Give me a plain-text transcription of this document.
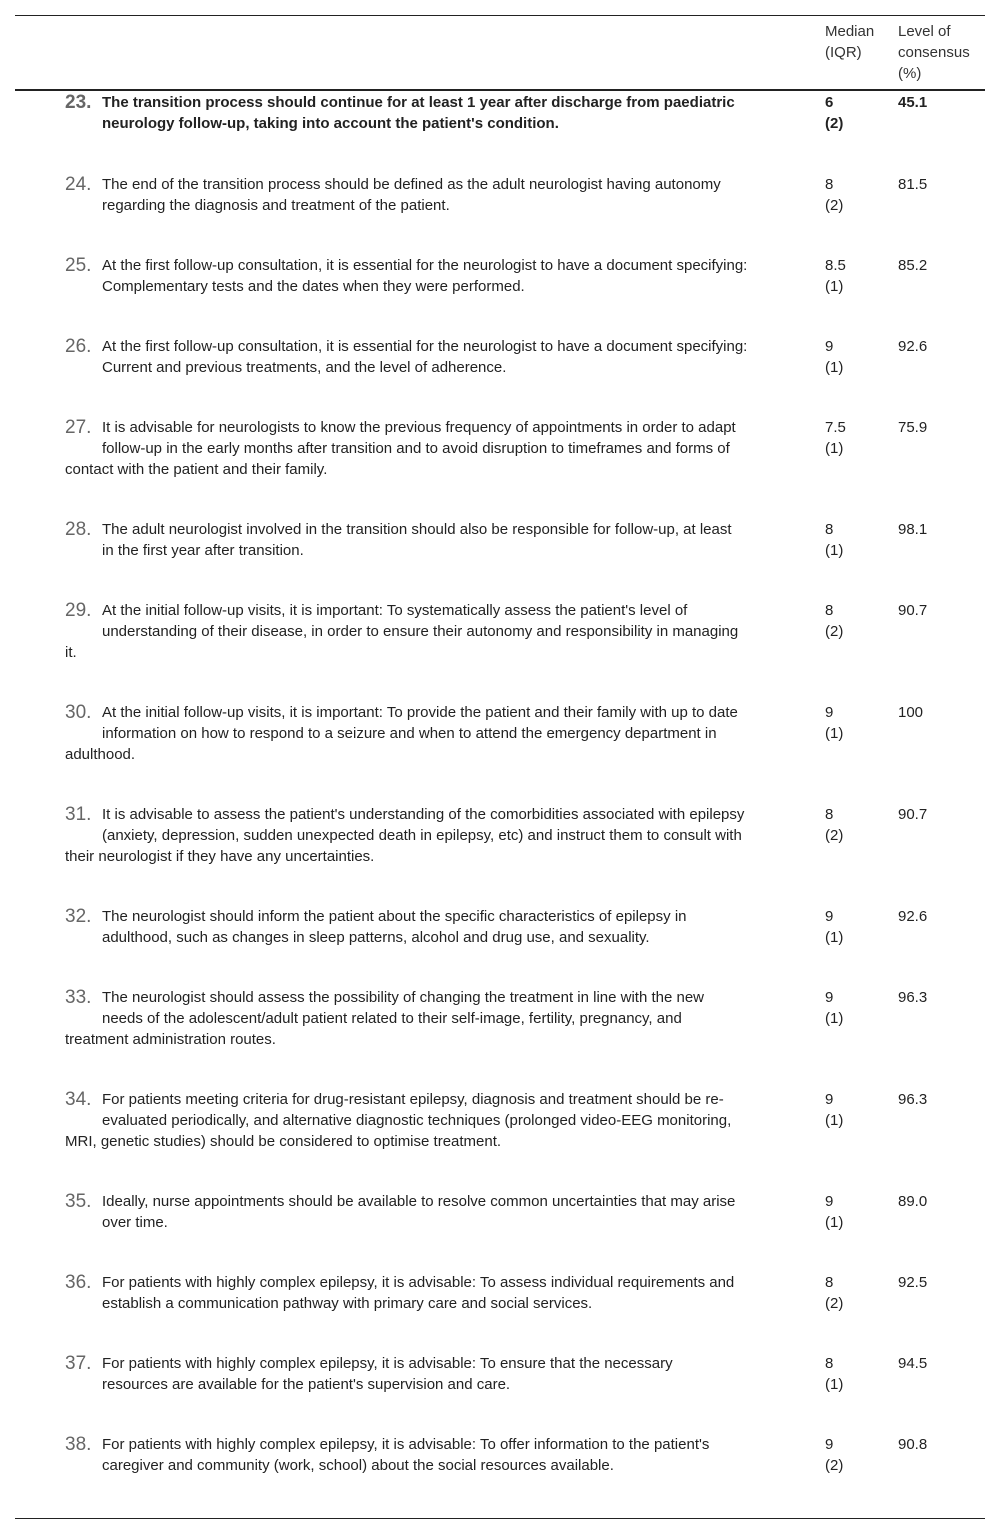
Median
(IQR)
Level of
consensus
(%)
23. The transition process should continue for at least 1 year after discharge from paediatric
neurology follow-up, taking into account the patient's condition.

6
(2)
45.1
24. The end of the transition process should be defined as the adult neurologist having autonomy
regarding the diagnosis and treatment of the patient.

8
(2)
81.5
25. At the first follow-up consultation, it is essential for the neurologist to have a document specifying:
Complementary tests and the dates when they were performed.

8.5
(1)
85.2
26. At the first follow-up consultation, it is essential for the neurologist to have a document specifying:
Current and previous treatments, and the level of adherence.

9
(1)
92.6
27. It is advisable for neurologists to know the previous frequency of appointments in order to adapt
follow-up in the early months after transition and to avoid disruption to timeframes and forms of

contact with the patient and their family.
7.5
(1)
75.9
28. The adult neurologist involved in the transition should also be responsible for follow-up, at least
in the first year after transition.

8
(1)
98.1
29. At the initial follow-up visits, it is important: To systematically assess the patient's level of
understanding of their disease, in order to ensure their autonomy and responsibility in managing

it.
8
(2)
90.7
30. At the initial follow-up visits, it is important: To provide the patient and their family with up to date
information on how to respond to a seizure and when to attend the emergency department in

adulthood.
9
(1)
100
31. It is advisable to assess the patient's understanding of the comorbidities associated with epilepsy
(anxiety, depression, sudden unexpected death in epilepsy, etc) and instruct them to consult with

their neurologist if they have any uncertainties.
8
(2)
90.7
32. The neurologist should inform the patient about the specific characteristics of epilepsy in
adulthood, such as changes in sleep patterns, alcohol and drug use, and sexuality.

9
(1)
92.6
33. The neurologist should assess the possibility of changing the treatment in line with the new
needs of the adolescent/adult patient related to their self-image, fertility, pregnancy, and

treatment administration routes.
9
(1)
96.3
34. For patients meeting criteria for drug-resistant epilepsy, diagnosis and treatment should be re-
evaluated periodically, and alternative diagnostic techniques (prolonged video-EEG monitoring,

MRI, genetic studies) should be considered to optimise treatment.
9
(1)
96.3
35. Ideally, nurse appointments should be available to resolve common uncertainties that may arise
over time.

9
(1)
89.0
36. For patients with highly complex epilepsy, it is advisable: To assess individual requirements and
establish a communication pathway with primary care and social services.

8
(2)
92.5
37. For patients with highly complex epilepsy, it is advisable: To ensure that the necessary
resources are available for the patient's supervision and care.

8
(1)
94.5
38. For patients with highly complex epilepsy, it is advisable: To offer information to the patient's
caregiver and community (work, school) about the social resources available.

9
(2)
90.8
